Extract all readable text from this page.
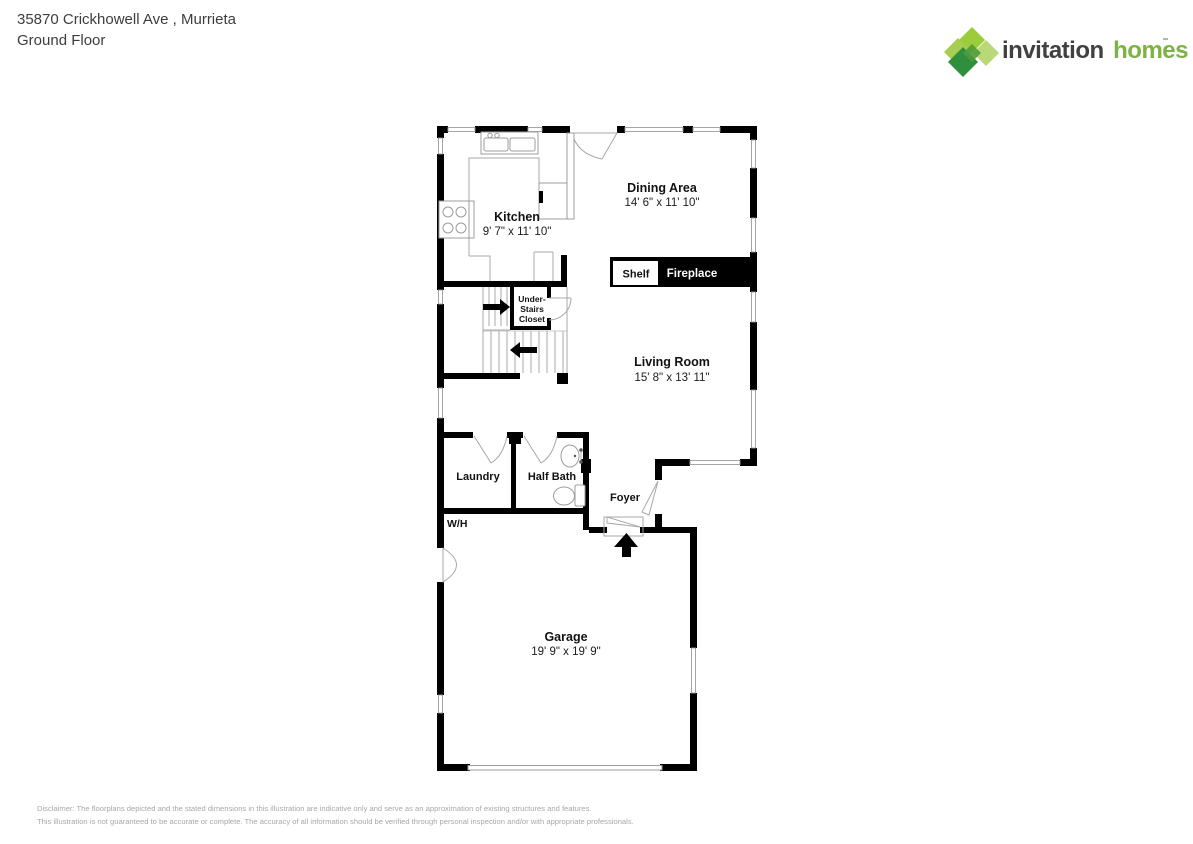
35870 Crickhowell Ave , Murrieta
Ground Floor	invitation homes
Shelf Fireplace
Kitchen
9' 7" x 11' 10"
Dining Area
14' 6" x 11' 10"
Living Room
15' 8" x 13' 11"
Garage
19' 9" x 19' 9"
Laundry	Half Bath
Foyer
W/H
Under-
Stairs
Closet
Disclaimer: The floorplans depicted and the stated dimensions in this illustration are indicative only and serve as an approximation of existing structures and features.
This illustration is not guaranteed to be accurate or complete. The accuracy of all information should be verified through personal inspection and/or with appropriate professionals.
